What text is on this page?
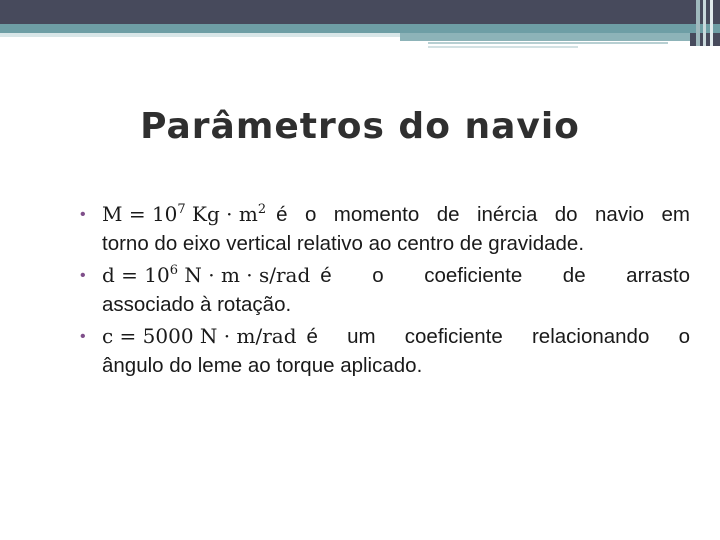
Parâmetros do navio
• $M = 10^7$ $Kg \cdot m^2$ é o momento de inércia do navio em
torno do eixo vertical relativo ao centro de gravidade.
• $d = 10^6$ N · m · s/rad é o coeficiente de arrasto
associado à rotação.
• c = 5000 N · m/rad é um coeficiente relacionando o
ângulo do leme ao torque aplicado.
